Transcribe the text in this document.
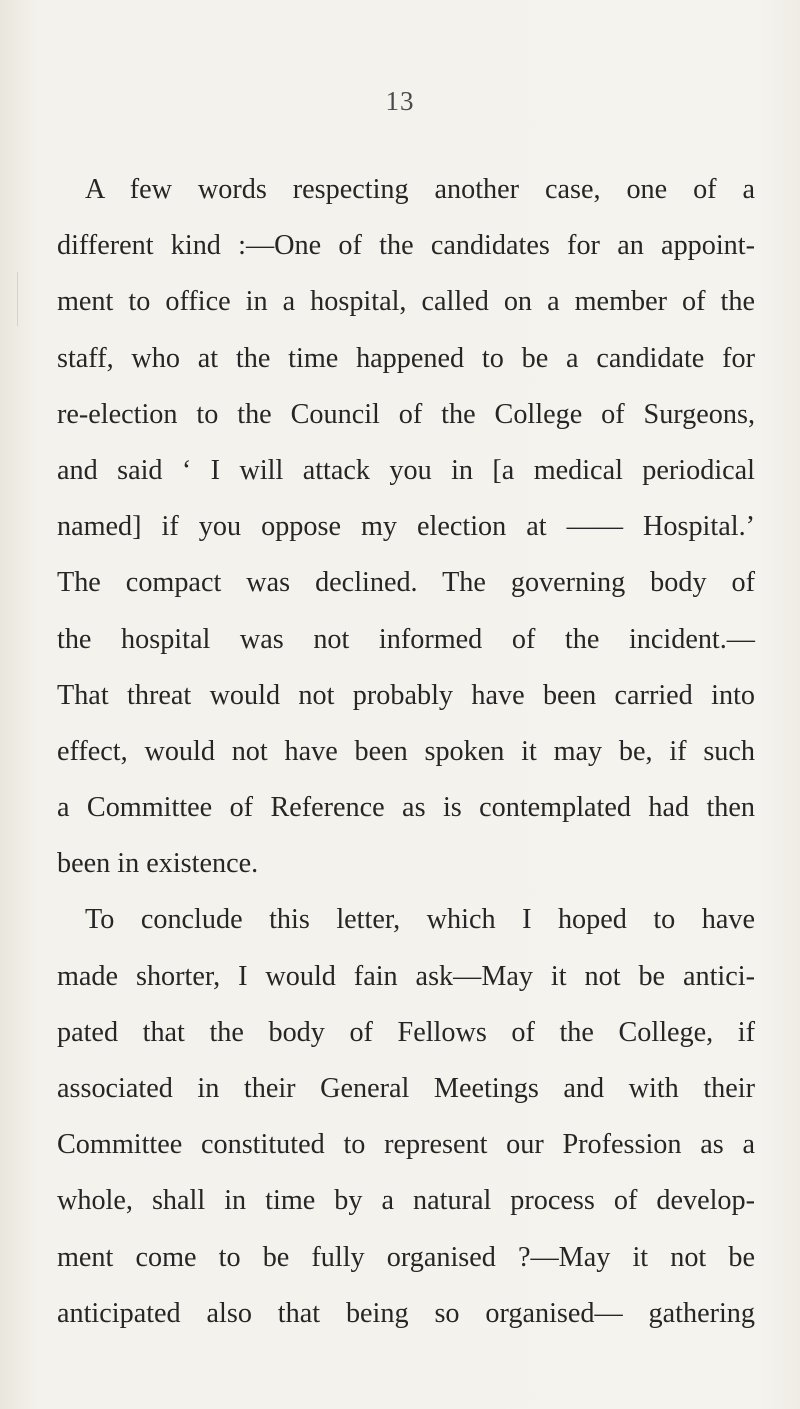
13
A few words respecting another case, one of a
different kind :—One of the candidates for an appoint-
ment to office in a hospital, called on a member of the
staff, who at the time happened to be a candidate for
re-election to the Council of the College of Surgeons,
and said ‘ I will attack you in [a medical periodical
named] if you oppose my election at —— Hospital.’
The compact was declined. The governing body of
the hospital was not informed of the incident.—
That threat would not probably have been carried into
effect, would not have been spoken it may be, if such
a Committee of Reference as is contemplated had then
been in existence.
To conclude this letter, which I hoped to have
made shorter, I would fain ask—May it not be antici-
pated that the body of Fellows of the College, if
associated in their General Meetings and with their
Committee constituted to represent our Profession as a
whole, shall in time by a natural process of develop-
ment come to be fully organised ?—May it not be
anticipated also that being so organised— gathering
